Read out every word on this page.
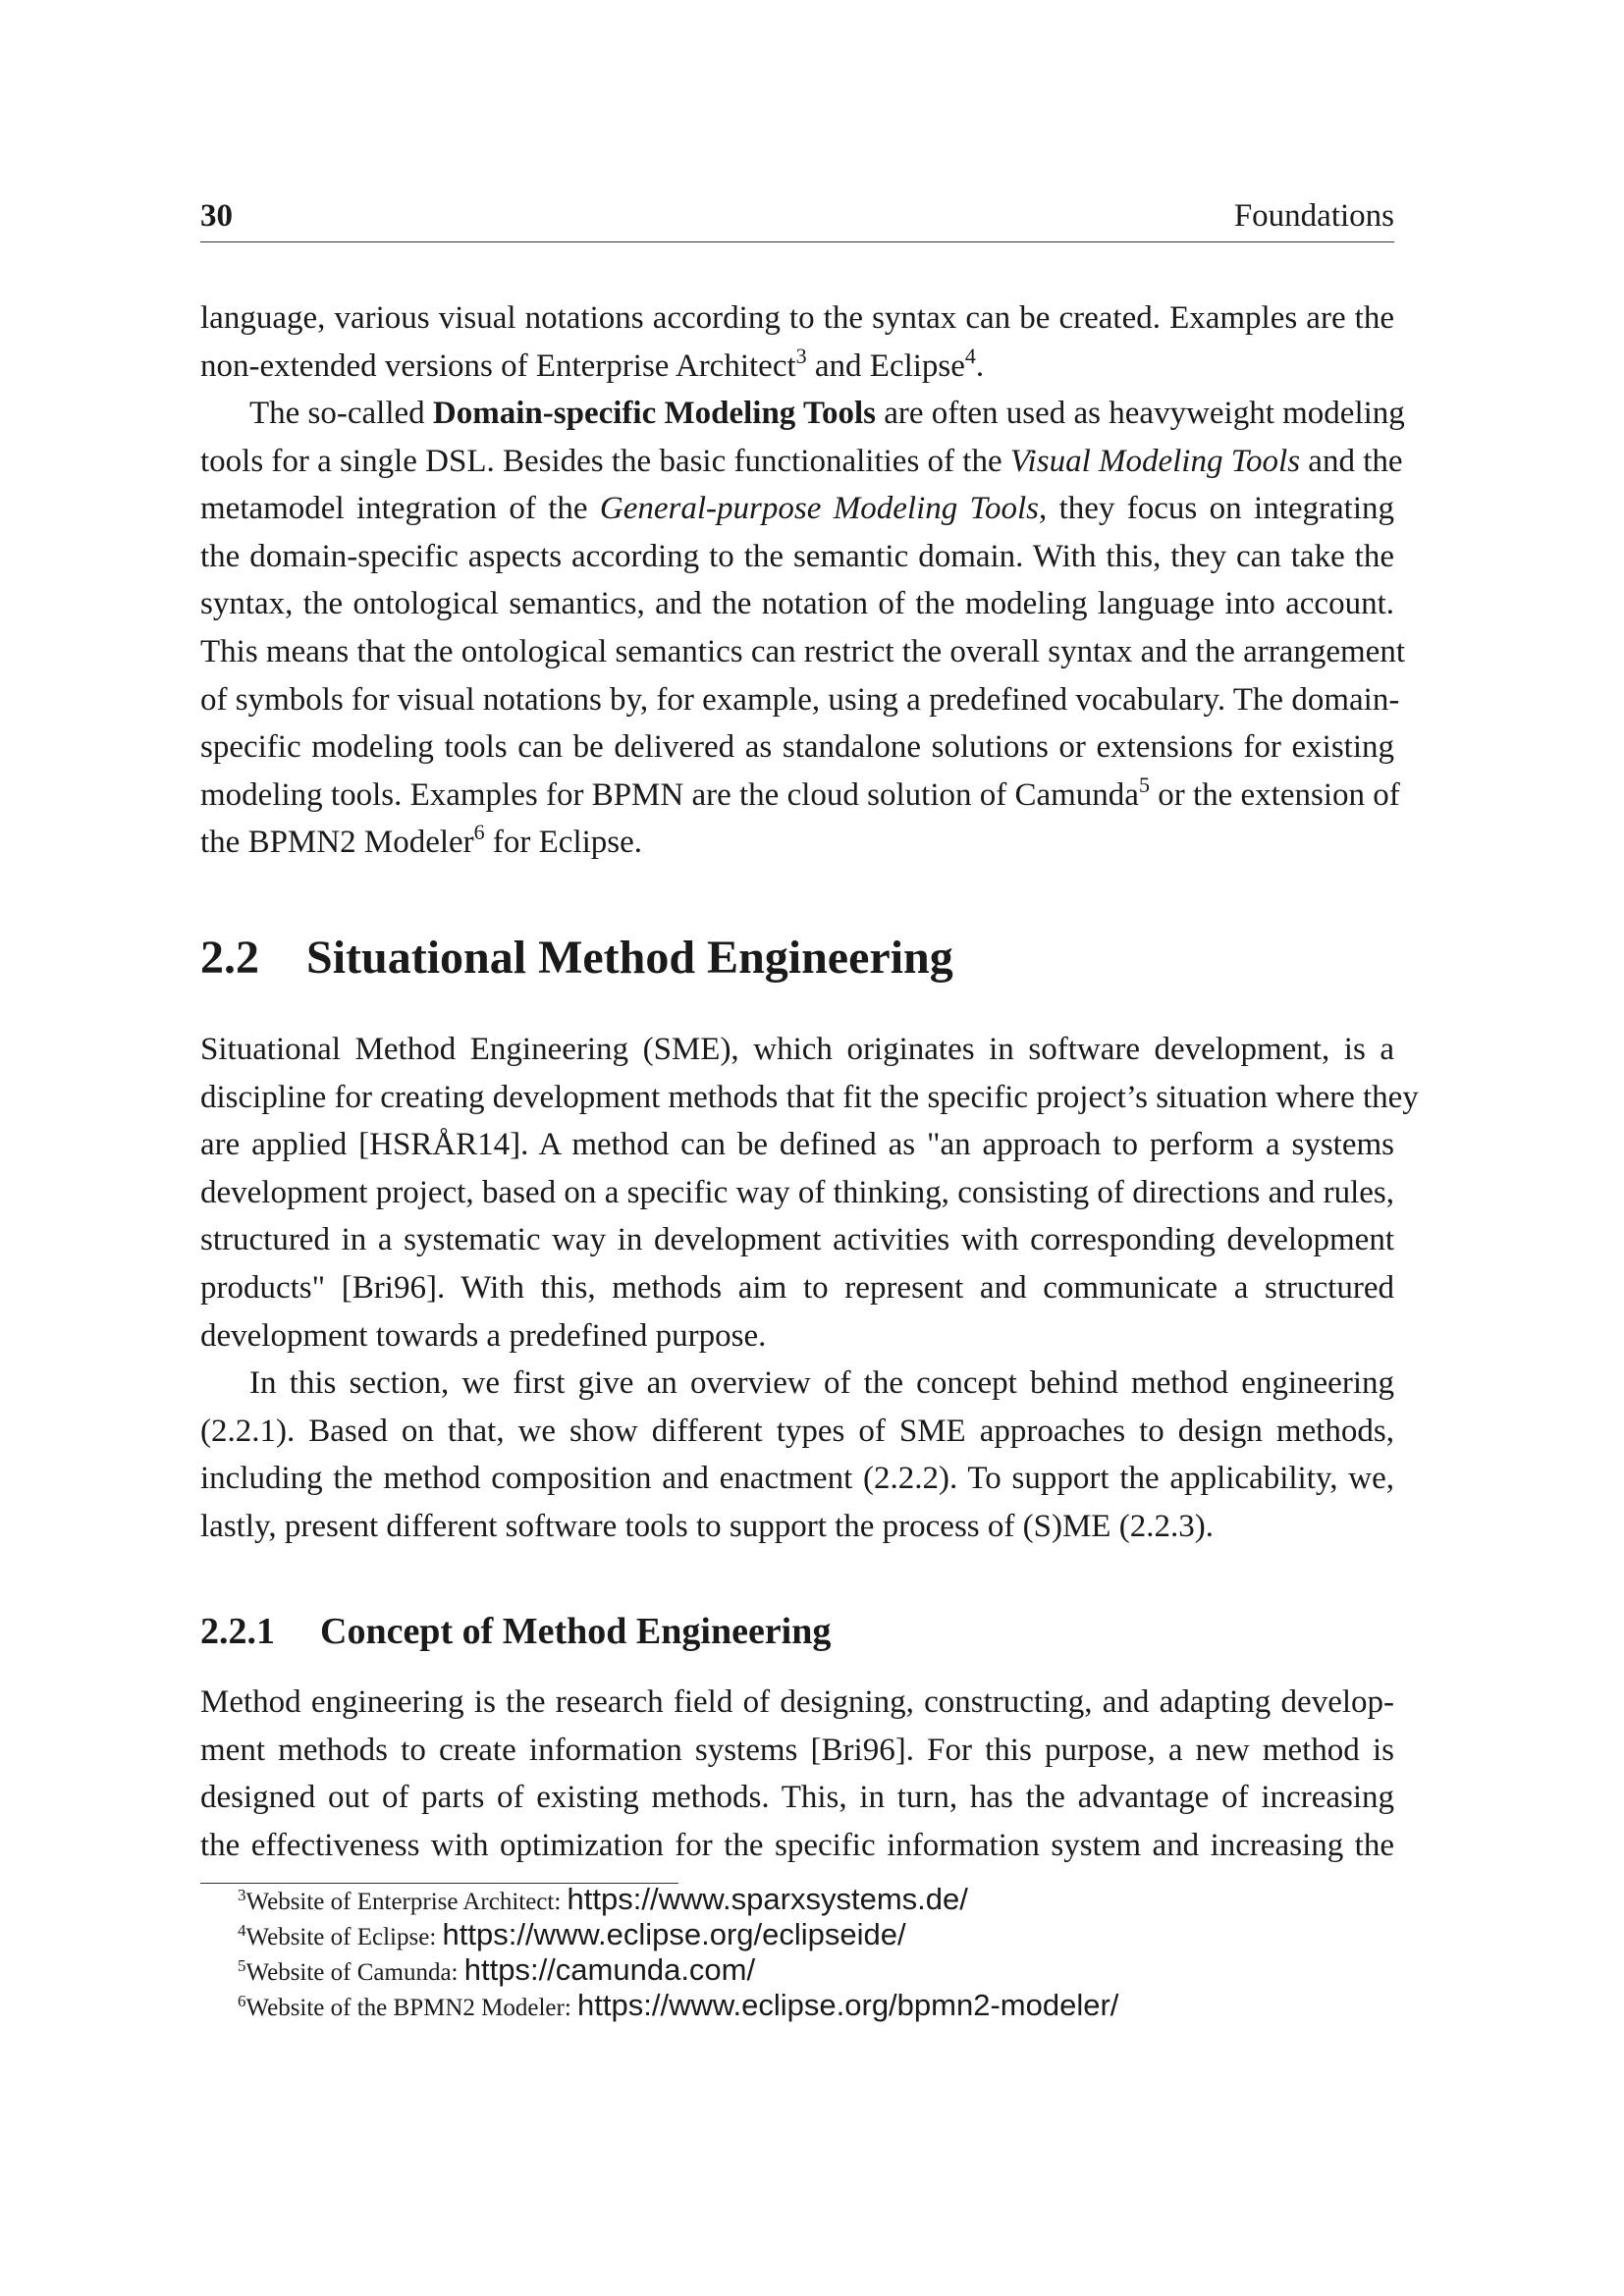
30	Foundations
language, various visual notations according to the syntax can be created. Examples are the
non-extended versions of Enterprise Architect$^3$ and Eclipse$^4$.
The so-called Domain-specific Modeling Tools are often used as heavyweight modeling
tools for a single DSL. Besides the basic functionalities of the Visual Modeling Tools and the
metamodel integration of the General-purpose Modeling Tools, they focus on integrating
the domain-specific aspects according to the semantic domain. With this, they can take the
syntax, the ontological semantics, and the notation of the modeling language into account.
This means that the ontological semantics can restrict the overall syntax and the arrangement
of symbols for visual notations by, for example, using a predefined vocabulary. The domain-
specific modeling tools can be delivered as standalone solutions or extensions for existing
modeling tools. Examples for BPMN are the cloud solution of Camunda$^5$ or the extension of
the BPMN2 Modeler$^6$ for Eclipse.
2.2 Situational Method Engineering
Situational Method Engineering (SME), which originates in software development, is a
discipline for creating development methods that fit the specific project’s situation where they
are applied [HSRÅR14]. A method can be defined as "an approach to perform a systems
development project, based on a specific way of thinking, consisting of directions and rules,
structured in a systematic way in development activities with corresponding development
products" [Bri96]. With this, methods aim to represent and communicate a structured
development towards a predefined purpose.
In this section, we first give an overview of the concept behind method engineering
(2.2.1). Based on that, we show different types of SME approaches to design methods,
including the method composition and enactment (2.2.2). To support the applicability, we,
lastly, present different software tools to support the process of (S)ME (2.2.3).
2.2.1 Concept of Method Engineering
Method engineering is the research field of designing, constructing, and adapting develop-
ment methods to create information systems [Bri96]. For this purpose, a new method is
designed out of parts of existing methods. This, in turn, has the advantage of increasing
the effectiveness with optimization for the specific information system and increasing the
$^3$Website of Enterprise Architect: https://www.sparxsystems.de/
$^4$Website of Eclipse: https://www.eclipse.org/eclipseide/
$^5$Website of Camunda: https://camunda.com/
$^6$Website of the BPMN2 Modeler: https://www.eclipse.org/bpmn2-modeler/
